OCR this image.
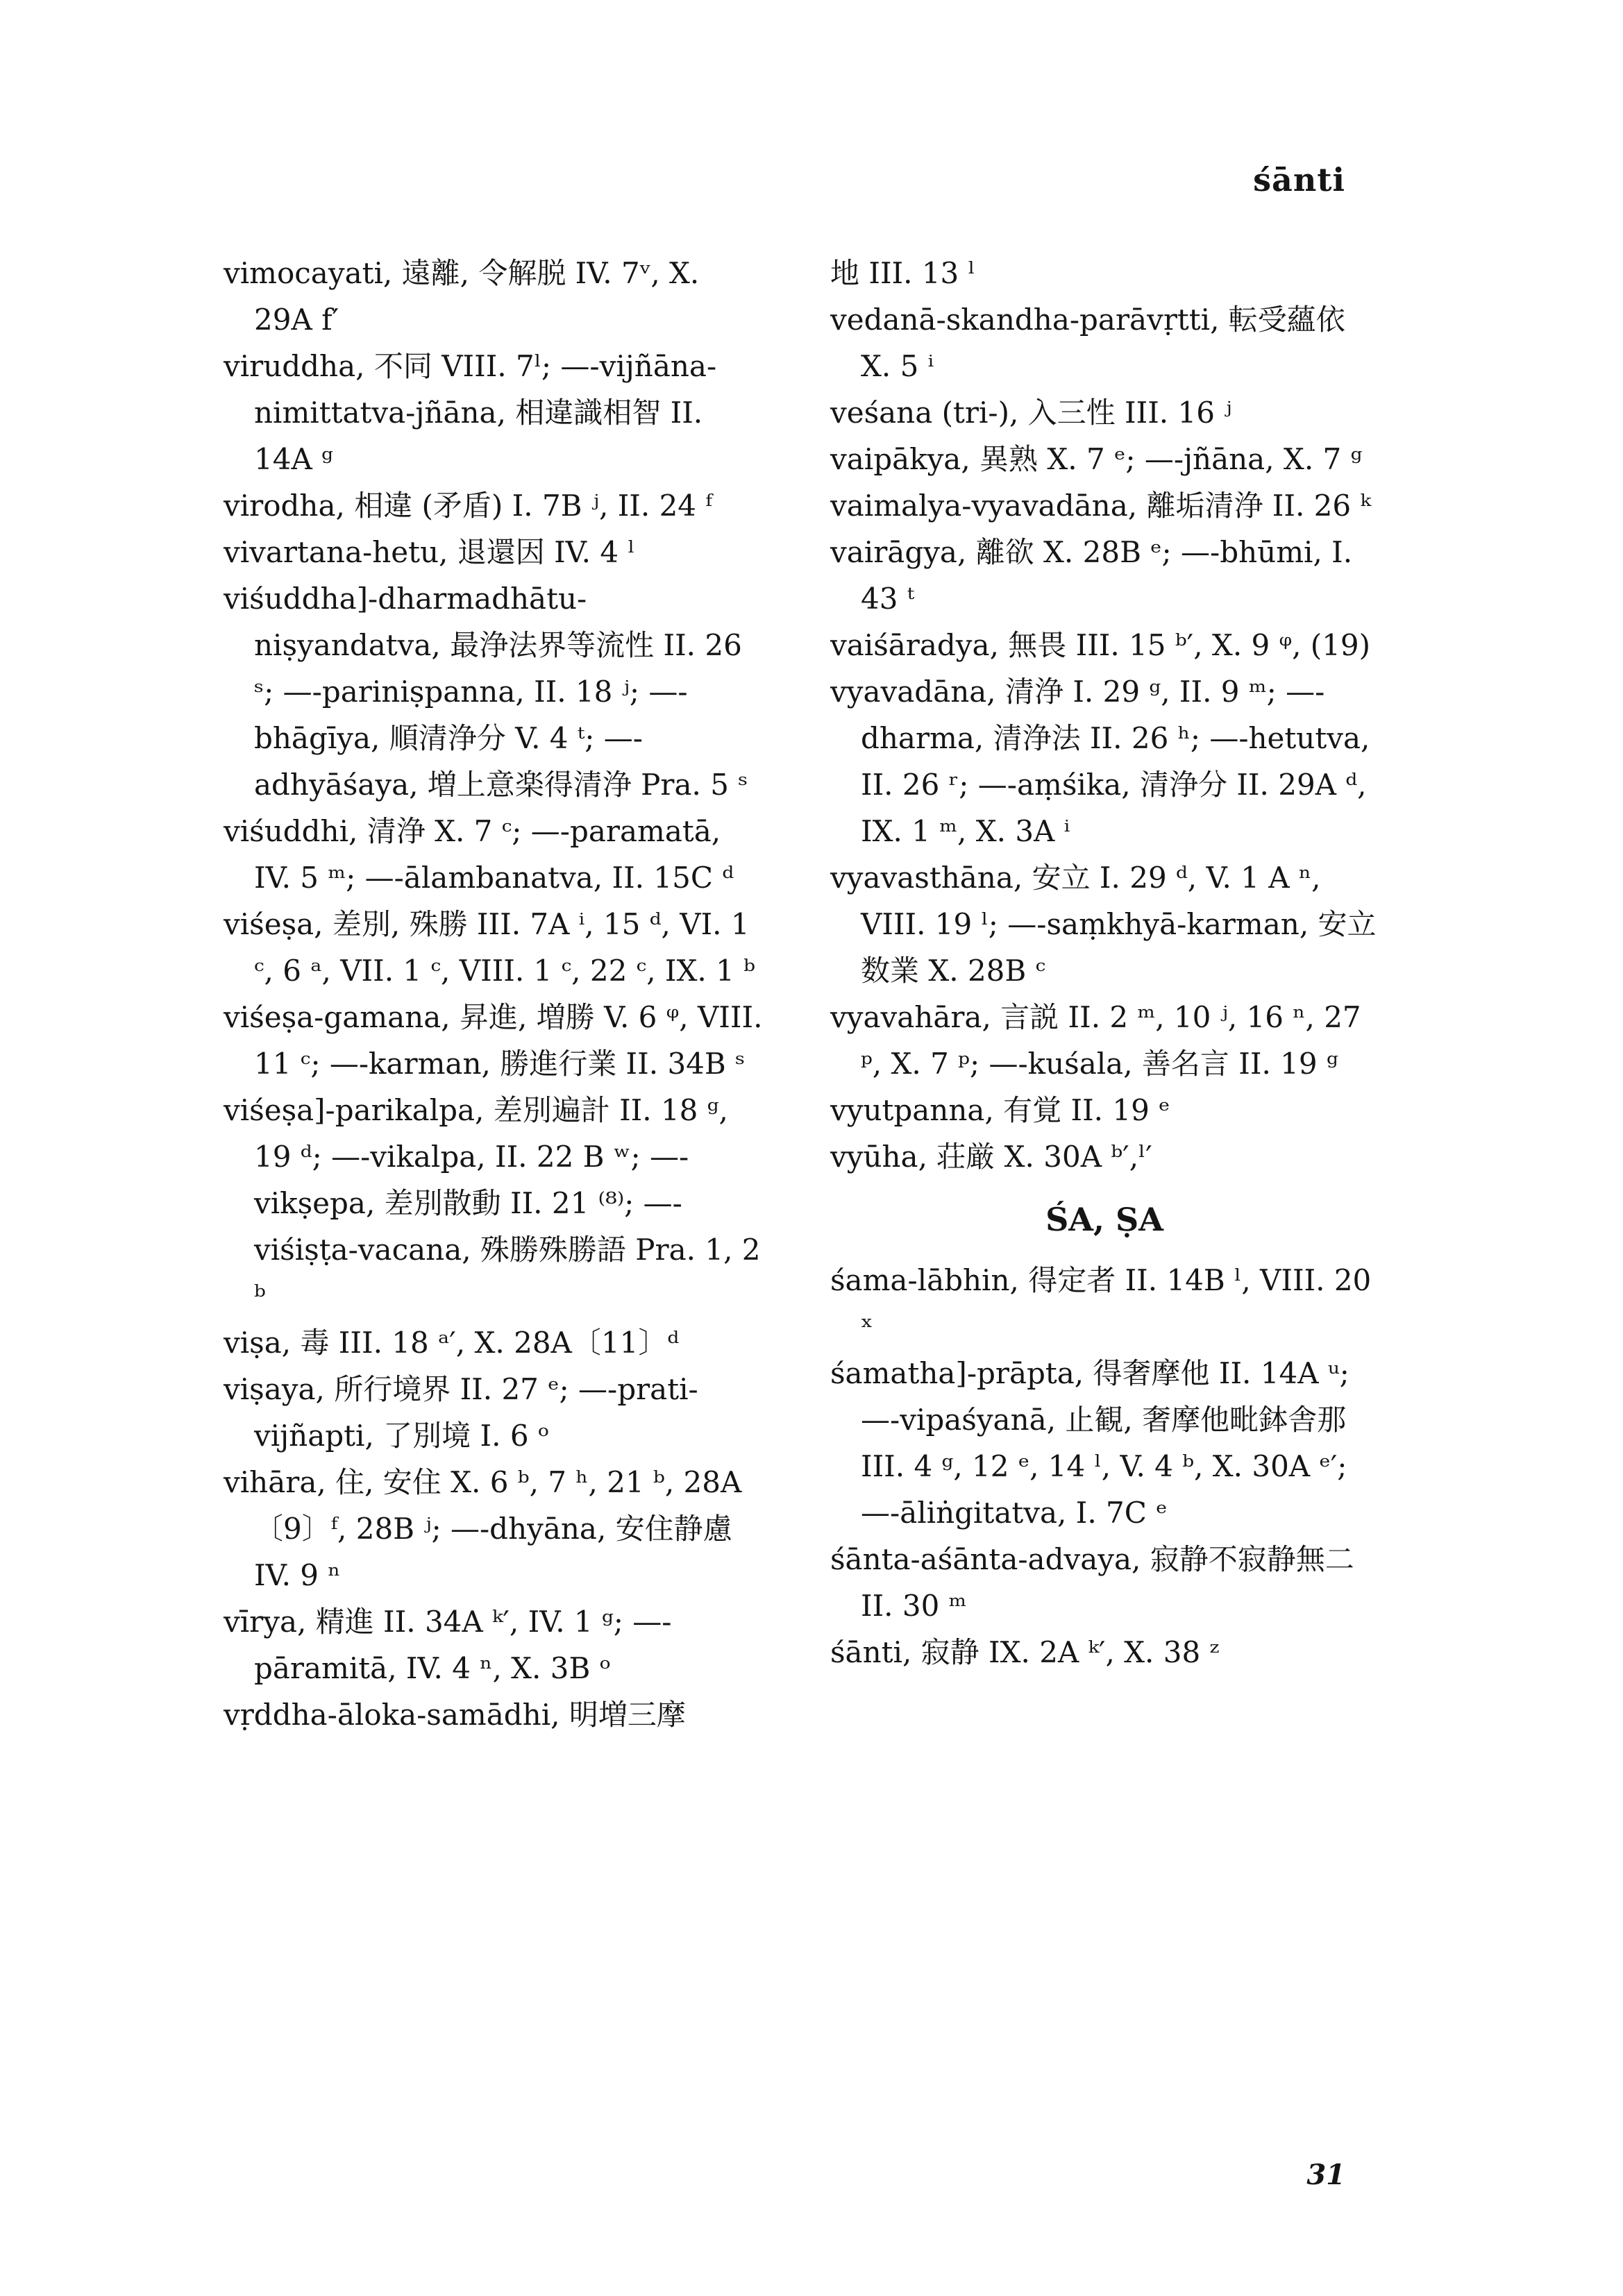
śānti
vimocayati, 遠離, 令解脱 IV. 7ᵛ, X. 29A f′
viruddha, 不同 VIII. 7ˡ; —-vijñāna-nimittatva-jñāna, 相違識相智 II. 14A ᵍ
virodha, 相違 (矛盾) I. 7B ʲ, II. 24 ᶠ
vivartana-hetu, 退還因 IV. 4 ˡ
viśuddha]-dharmadhātu-niṣyandatva, 最浄法界等流性 II. 26 ˢ; —-pariniṣpanna, II. 18 ʲ; —-bhāgīya, 順清浄分 V. 4 ᵗ; —-adhyāśaya, 増上意楽得清浄 Pra. 5 ˢ
viśuddhi, 清浄 X. 7 ᶜ; —-paramatā, IV. 5 ᵐ; —-ālambanatva, II. 15C ᵈ
viśeṣa, 差別, 殊勝 III. 7A ⁱ, 15 ᵈ, VI. 1 ᶜ, 6 ᵃ, VII. 1 ᶜ, VIII. 1 ᶜ, 22 ᶜ, IX. 1 ᵇ
viśeṣa-gamana, 昇進, 増勝 V. 6 ᵠ, VIII. 11 ᶜ; —-karman, 勝進行業 II. 34B ˢ
viśeṣa]-parikalpa, 差別遍計 II. 18 ᵍ, 19 ᵈ; —-vikalpa, II. 22 B ʷ; —-vikṣepa, 差別散動 II. 21 ⁽⁸⁾; —-viśiṣṭa-vacana, 殊勝殊勝語 Pra. 1, 2 ᵇ
viṣa, 毒 III. 18 ᵃ′, X. 28A〔11〕ᵈ
viṣaya, 所行境界 II. 27 ᵉ; —-prati-vijñapti, 了別境 I. 6 ᵒ
vihāra, 住, 安住 X. 6 ᵇ, 7 ʰ, 21 ᵇ, 28A〔9〕ᶠ, 28B ʲ; —-dhyāna, 安住静慮 IV. 9 ⁿ
vīrya, 精進 II. 34A ᵏ′, IV. 1 ᵍ; —-pāramitā, IV. 4 ⁿ, X. 3B ᵒ
vṛddha-āloka-samādhi, 明増三摩
地 III. 13 ˡ
vedanā-skandha-parāvṛtti, 転受蘊依 X. 5 ⁱ
veśana (tri-), 入三性 III. 16 ʲ
vaipākya, 異熟 X. 7 ᵉ; —-jñāna, X. 7 ᵍ
vaimalya-vyavadāna, 離垢清浄 II. 26 ᵏ
vairāgya, 離欲 X. 28B ᵉ; —-bhūmi, I. 43 ᵗ
vaiśāradya, 無畏 III. 15 ᵇ′, X. 9 ᵠ, (19)
vyavadāna, 清浄 I. 29 ᵍ, II. 9 ᵐ; —-dharma, 清浄法 II. 26 ʰ; —-hetutva, II. 26 ʳ; —-aṃśika, 清浄分 II. 29A ᵈ, IX. 1 ᵐ, X. 3A ⁱ
vyavasthāna, 安立 I. 29 ᵈ, V. 1 A ⁿ, VIII. 19 ˡ; —-saṃkhyā-karman, 安立数業 X. 28B ᶜ
vyavahāra, 言説 II. 2 ᵐ, 10 ʲ, 16 ⁿ, 27 ᵖ, X. 7 ᵖ; —-kuśala, 善名言 II. 19 ᵍ
vyutpanna, 有覚 II. 19 ᵉ
vyūha, 荘厳 X. 30A ᵇ′,ˡ′
ŚA, ṢA
śama-lābhin, 得定者 II. 14B ˡ, VIII. 20 ˣ
śamatha]-prāpta, 得奢摩他 II. 14A ᵘ; —-vipaśyanā, 止観, 奢摩他毗鉢舎那 III. 4 ᵍ, 12 ᵉ, 14 ˡ, V. 4 ᵇ, X. 30A ᵉ′; —-āliṅgitatva, I. 7C ᵉ
śānta-aśānta-advaya, 寂静不寂静無二 II. 30 ᵐ
śānti, 寂静 IX. 2A ᵏ′, X. 38 ᶻ
31
